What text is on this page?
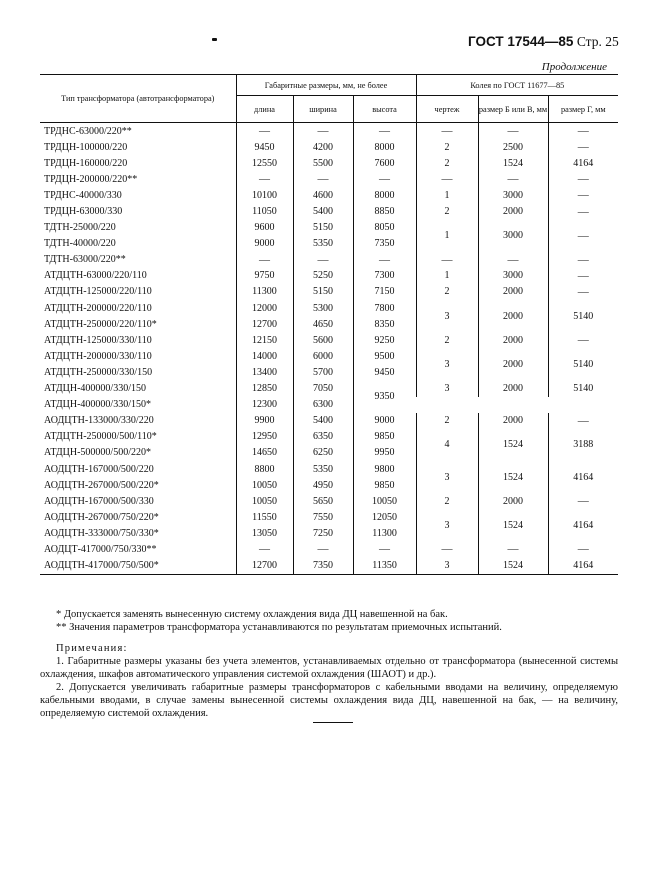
ГОСТ 17544—85 Стр. 25
Продолжение
Тип трансформатора (автотрансформатора)	Габаритные размеры, мм, не более			Колея по ГОСТ 11677—85		
	длина	ширина	высота	чертеж	размер Б или В, мм	размер Г, мм
ТРДНС-63000/220**	—	—	—	—	—	—
ТРДЦН-100000/220	9450	4200	8000	2	2500	—
ТРДЦН-160000/220	12550	5500	7600	2	1524	4164
ТРДЦН-200000/220**	—	—	—	—	—	—
ТРДНС-40000/330	10100	4600	8000	1	3000	—
ТРДЦН-63000/330	11050	5400	8850	2	2000	—
ТДТН-25000/220	9600	5150	8050	1	3000	—
ТДТН-40000/220	9000	5350	7350			
ТДТН-63000/220**	—	—	—	—	—	—
АТДЦТН-63000/220/110	9750	5250	7300	1	3000	—
АТДЦТН-125000/220/110	11300	5150	7150	2	2000	—
АТДЦТН-200000/220/110	12000	5300	7800	3	2000	5140
АТДЦТН-250000/220/110*	12700	4650	8350			
АТДЦТН-125000/330/110	12150	5600	9250	2	2000	—
АТДЦТН-200000/330/110	14000	6000	9500	3	2000	5140
АТДЦТН-250000/330/150	13400	5700	9450			
АТДЦН-400000/330/150	12850	7050	9350	3	2000	5140
АТДЦН-400000/330/150*	12300	6300				
АОДЦТН-133000/330/220	9900	5400	9000	2	2000	—
АТДЦТН-250000/500/110*	12950	6350	9850	4	1524	3188
АТДЦН-500000/500/220*	14650	6250	9950			
АОДЦТН-167000/500/220	8800	5350	9800	3	1524	4164
АОДЦТН-267000/500/220*	10050	4950	9850			
АОДЦТН-167000/500/330	10050	5650	10050	2	2000	—
АОДЦТН-267000/750/220*	11550	7550	12050	3	1524	4164
АОДЦТН-333000/750/330*	13050	7250	11300			
АОДЦТ-417000/750/330**	—	—	—	—	—	—
АОДЦТН-417000/750/500*	12700	7350	11350	3	1524	4164

* Допускается заменять вынесенную систему охлаждения вида ДЦ навешенной на бак.

** Значения параметров трансформатора устанавливаются по результатам приемочных испытаний.

Примечания:

1. Габаритные размеры указаны без учета элементов, устанавливаемых отдельно от трансформатора (вынесенной системы охлаждения, шкафов автоматического управления системой охлаждения (ШАОТ) и др.).

2. Допускается увеличивать габаритные размеры трансформаторов с кабельными вводами на величину, определяемую кабельными вводами, в случае замены вынесенной системы охлаждения вида ДЦ, навешенной на бак, — на величину, определяемую системой охлаждения.
